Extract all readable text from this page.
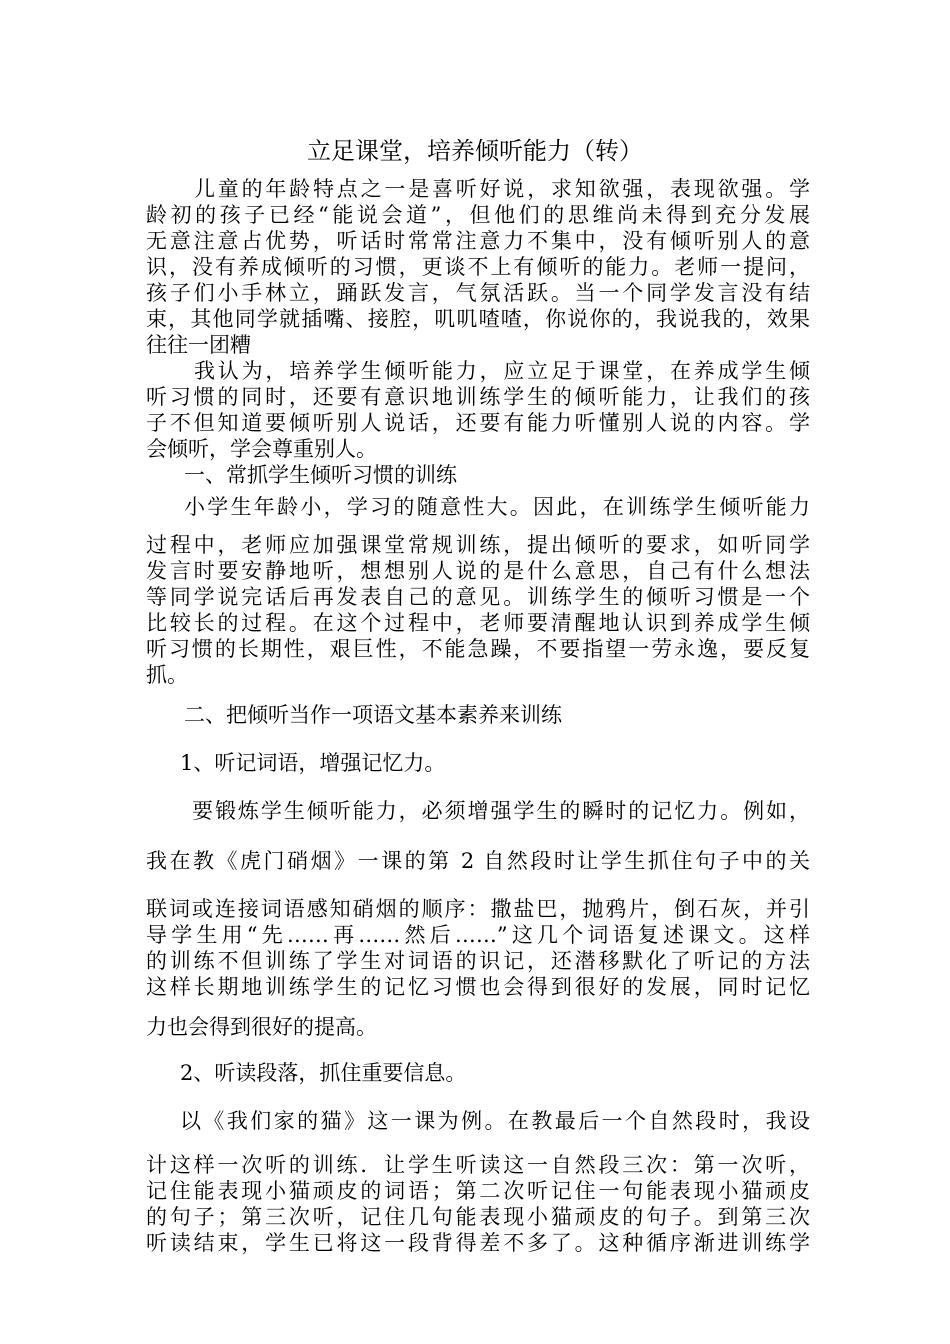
立足课堂，培养倾听能力（转）
儿童的年龄特点之一是喜听好说，求知欲强，表现欲强。学
龄初的孩子已经“能说会道”，但他们的思维尚未得到充分发展
无意注意占优势，听话时常常注意力不集中，没有倾听别人的意
识，没有养成倾听的习惯，更谈不上有倾听的能力。老师一提问，
孩子们小手林立，踊跃发言，气氛活跃。当一个同学发言没有结
束，其他同学就插嘴、接腔，叽叽喳喳，你说你的，我说我的，效果
往往一团糟
我认为，培养学生倾听能力，应立足于课堂，在养成学生倾
听习惯的同时，还要有意识地训练学生的倾听能力，让我们的孩
子不但知道要倾听别人说话，还要有能力听懂别人说的内容。学
会倾听，学会尊重别人。
一、常抓学生倾听习惯的训练
小学生年龄小，学习的随意性大。因此，在训练学生倾听能力
过程中，老师应加强课堂常规训练，提出倾听的要求，如听同学
发言时要安静地听，想想别人说的是什么意思，自己有什么想法
等同学说完话后再发表自己的意见。训练学生的倾听习惯是一个
比较长的过程。在这个过程中，老师要清醒地认识到养成学生倾
听习惯的长期性，艰巨性，不能急躁，不要指望一劳永逸，要反复
抓。
二、把倾听当作一项语文基本素养来训练
1、听记词语，增强记忆力。
要锻炼学生倾听能力，必须增强学生的瞬时的记忆力。例如，
我在教《虎门硝烟》一课的第 2 自然段时让学生抓住句子中的关
联词或连接词语感知硝烟的顺序：撒盐巴，抛鸦片，倒石灰，并引
导学生用“先……再……然后……”这几个词语复述课文。这样
的训练不但训练了学生对词语的识记，还潜移默化了听记的方法
这样长期地训练学生的记忆习惯也会得到很好的发展，同时记忆
力也会得到很好的提高。
2、听读段落，抓住重要信息。
以《我们家的猫》这一课为例。在教最后一个自然段时，我设
计这样一次听的训练．让学生听读这一自然段三次：第一次听，
记住能表现小猫顽皮的词语；第二次听记住一句能表现小猫顽皮
的句子；第三次听，记住几句能表现小猫顽皮的句子。到第三次
听读结束，学生已将这一段背得差不多了。这种循序渐进训练学
